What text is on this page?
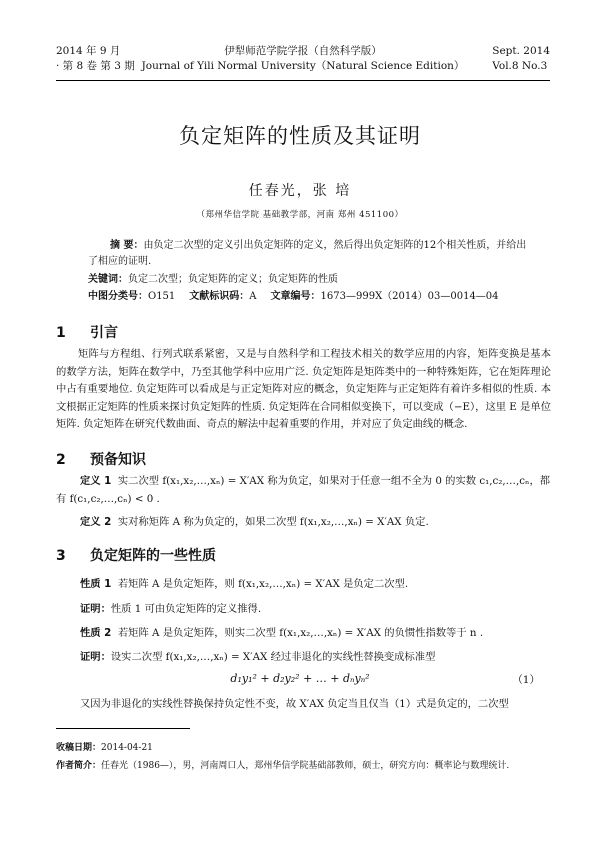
2014 年 9 月
· 第 8 卷 第 3 期
伊犁师范学院学报（自然科学版）
Journal of Yili Normal University（Natural Science Edition）
Sept. 2014
Vol.8 No.3
负定矩阵的性质及其证明
任春光，张 培
（郑州华信学院 基础教学部，河南 郑州 451100）
摘 要：由负定二次型的定义引出负定矩阵的定义，然后得出负定矩阵的12个相关性质，并给出了相应的证明.
关键词：负定二次型；负定矩阵的定义；负定矩阵的性质
中图分类号：O151 文献标识码：A 文章编号：1673—999X（2014）03—0014—04
1 引言
矩阵与方程组、行列式联系紧密，又是与自然科学和工程技术相关的数学应用的内容，矩阵变换是基本的数学方法，矩阵在数学中，乃至其他学科中应用广泛. 负定矩阵是矩阵类中的一种特殊矩阵，它在矩阵理论中占有重要地位. 负定矩阵可以看成是与正定矩阵对应的概念，负定矩阵与正定矩阵有着许多相似的性质. 本文根据正定矩阵的性质来探讨负定矩阵的性质. 负定矩阵在合同相似变换下，可以变成（−E），这里 E 是单位矩阵. 负定矩阵在研究代数曲面、奇点的解法中起着重要的作用，并对应了负定曲线的概念.
2 预备知识
定义 1 实二次型 f(x₁,x₂,…,xₙ) = X′AX 称为负定，如果对于任意一组不全为 0 的实数 c₁,c₂,…,cₙ，都
有 f(c₁,c₂,…,cₙ) < 0 .
定义 2 实对称矩阵 A 称为负定的，如果二次型 f(x₁,x₂,…,xₙ) = X′AX 负定.
3 负定矩阵的一些性质
性质 1 若矩阵 A 是负定矩阵，则 f(x₁,x₂,…,xₙ) = X′AX 是负定二次型.
证明：性质 1 可由负定矩阵的定义推得.
性质 2 若矩阵 A 是负定矩阵，则实二次型 f(x₁,x₂,…,xₙ) = X′AX 的负惯性指数等于 n .
证明：设实二次型 f(x₁,x₂,…,xₙ) = X′AX 经过非退化的实线性替换变成标准型
d₁y₁² + d₂y₂² + … + dₙyₙ²	（1）
又因为非退化的实线性替换保持负定性不变，故 X′AX 负定当且仅当（1）式是负定的，二次型
收稿日期：2014-04-21
作者简介：任春光（1986—），男，河南周口人，郑州华信学院基础部教师，硕士，研究方向：概率论与数理统计.
